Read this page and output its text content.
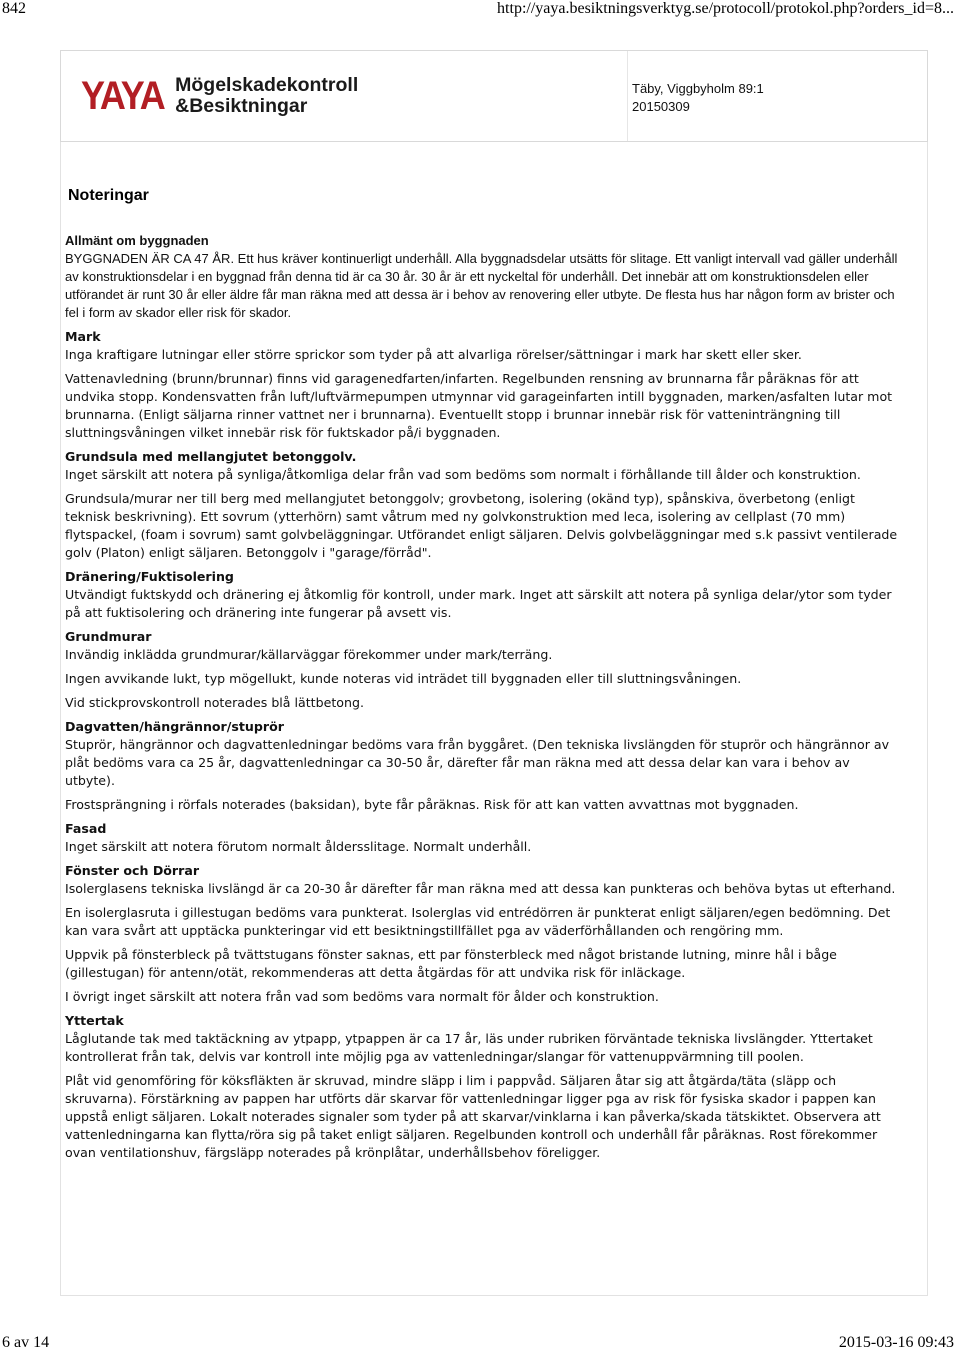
842	http://yaya.besiktningsverktyg.se/protocoll/protokol.php?orders_id=8...
YAYA Mögelskadekontroll
&Besiktningar
Täby, Viggbyholm 89:1
20150309
Noteringar
Allmänt om byggnaden

BYGGNADEN ÄR CA 47 ÅR. Ett hus kräver kontinuerligt underhåll. Alla byggnadsdelar utsätts för slitage. Ett vanligt intervall vad gäller underhåll av konstruktionsdelar i en byggnad från denna tid är ca 30 år. 30 år är ett nyckeltal för underhåll. Det innebär att om konstruktionsdelen eller utförandet är runt 30 år eller äldre får man räkna med att dessa är i behov av renovering eller utbyte. De flesta hus har någon form av brister och fel i form av skador eller risk för skador.

Mark

Inga kraftigare lutningar eller större sprickor som tyder på att alvarliga rörelser/sättningar i mark har skett eller sker.

Vattenavledning (brunn/brunnar) finns vid garagenedfarten/infarten. Regelbunden rensning av brunnarna får påräknas för att undvika stopp. Kondensvatten från luft/luftvärmepumpen utmynnar vid garageinfarten intill byggnaden, marken/asfalten lutar mot brunnarna. (Enligt säljarna rinner vattnet ner i brunnarna). Eventuellt stopp i brunnar innebär risk för vatteninträngning till sluttningsvåningen vilket innebär risk för fuktskador på/i byggnaden.

Grundsula med mellangjutet betonggolv.

Inget särskilt att notera på synliga/åtkomliga delar från vad som bedöms som normalt i förhållande till ålder och konstruktion.

Grundsula/murar ner till berg med mellangjutet betonggolv; grovbetong, isolering (okänd typ), spånskiva, överbetong (enligt teknisk beskrivning). Ett sovrum (ytterhörn) samt våtrum med ny golvkonstruktion med leca, isolering av cellplast (70 mm) flytspackel, (foam i sovrum) samt golvbeläggningar. Utförandet enligt säljaren. Delvis golvbeläggningar med s.k passivt ventilerade golv (Platon) enligt säljaren. Betonggolv i "garage/förråd".

Dränering/Fuktisolering

Utvändigt fuktskydd och dränering ej åtkomlig för kontroll, under mark. Inget att särskilt att notera på synliga delar/ytor som tyder på att fuktisolering och dränering inte fungerar på avsett vis.

Grundmurar

Invändig inklädda grundmurar/källarväggar förekommer under mark/terräng.

Ingen avvikande lukt, typ mögellukt, kunde noteras vid inträdet till byggnaden eller till sluttningsvåningen.

Vid stickprovskontroll noterades blå lättbetong.

Dagvatten/hängrännor/stuprör

Stuprör, hängrännor och dagvattenledningar bedöms vara från byggåret. (Den tekniska livslängden för stuprör och hängrännor av plåt bedöms vara ca 25 år, dagvattenledningar ca 30-50 år, därefter får man räkna med att dessa delar kan vara i behov av utbyte).

Frostsprängning i rörfals noterades (baksidan), byte får påräknas. Risk för att kan vatten avvattnas mot byggnaden.

Fasad

Inget särskilt att notera förutom normalt åldersslitage. Normalt underhåll.

Fönster och Dörrar

Isolerglasens tekniska livslängd är ca 20-30 år därefter får man räkna med att dessa kan punkteras och behöva bytas ut efterhand.

En isolerglasruta i gillestugan bedöms vara punkterat. Isolerglas vid entrédörren är punkterat enligt säljaren/egen bedömning. Det kan vara svårt att upptäcka punkteringar vid ett besiktningstillfället pga av väderförhållanden och rengöring mm.

Uppvik på fönsterbleck på tvättstugans fönster saknas, ett par fönsterbleck med något bristande lutning, minre hål i båge (gillestugan) för antenn/otät, rekommenderas att detta åtgärdas för att undvika risk för inläckage.

I övrigt inget särskilt att notera från vad som bedöms vara normalt för ålder och konstruktion.

Yttertak

Låglutande tak med taktäckning av ytpapp, ytpappen är ca 17 år, läs under rubriken förväntade tekniska livslängder. Yttertaket kontrollerat från tak, delvis var kontroll inte möjlig pga av vattenledningar/slangar för vattenuppvärmning till poolen.

Plåt vid genomföring för köksfläkten är skruvad, mindre släpp i lim i pappvåd. Säljaren åtar sig att åtgärda/täta (släpp och skruvarna). Förstärkning av pappen har utförts där skarvar för vattenledningar ligger pga av risk för fysiska skador i pappen kan uppstå enligt säljaren. Lokalt noterades signaler som tyder på att skarvar/vinklarna i kan påverka/skada tätskiktet. Observera att vattenledningarna kan flytta/röra sig på taket enligt säljaren. Regelbunden kontroll och underhåll får påräknas. Rost förekommer ovan ventilationshuv, färgsläpp noterades på krönplåtar, underhållsbehov föreligger.

6 av 14	2015-03-16 09:43
